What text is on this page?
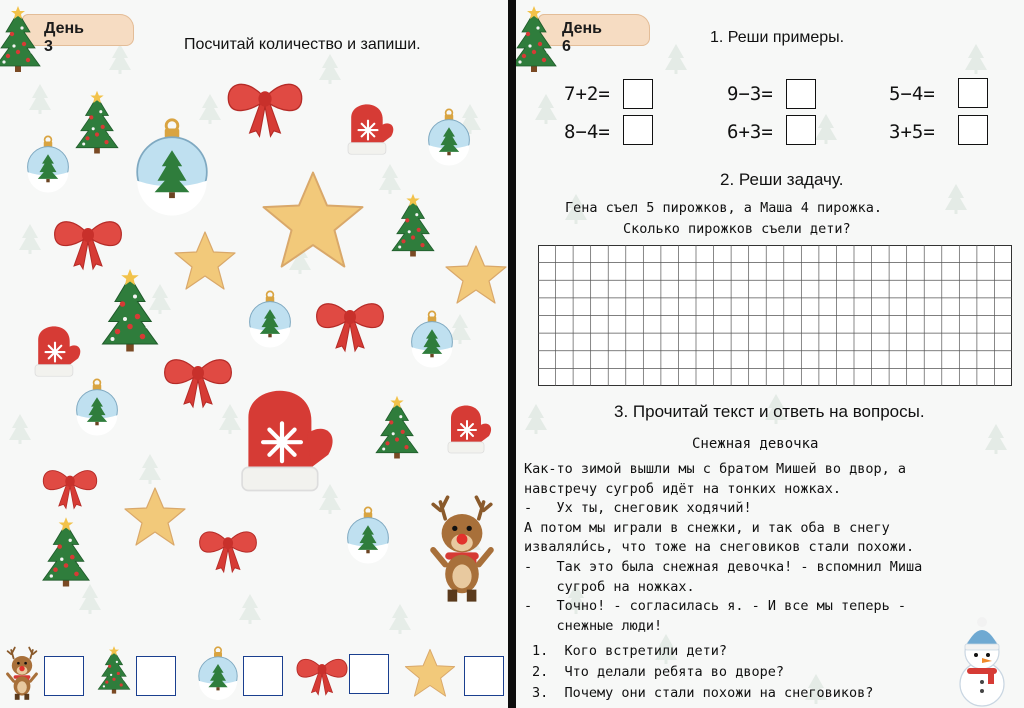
День 3	Посчитай количество и запиши.
День 6
1. Реши примеры.
7+2=	9−3=	5−4=
8−4=	6+3=	3+5=
2. Реши задачу.
Гена съел 5 пирожков, а Маша 4 пирожка.
Сколько пирожков съели дети?
3. Прочитай текст и ответь на вопросы.
Снежная девочка
Как-то зимой вышли мы с братом Мишей во двор, а
навстречу сугроб идёт на тонких ножках.
-   Ух ты, снеговик ходячий!
А потом мы играли в снежки, и так оба в снегу
изваляли́сь, что тоже на снеговиков стали похожи.
-   Так это была снежная девочка! - вспомнил Миша
сугроб на ножках.
-   Точно! - согласилась я. - И все мы теперь -
снежные люди!
1.  Кого встретили дети?
2.  Что делали ребята во дворе?
3.  Почему они стали похожи на снеговиков?
